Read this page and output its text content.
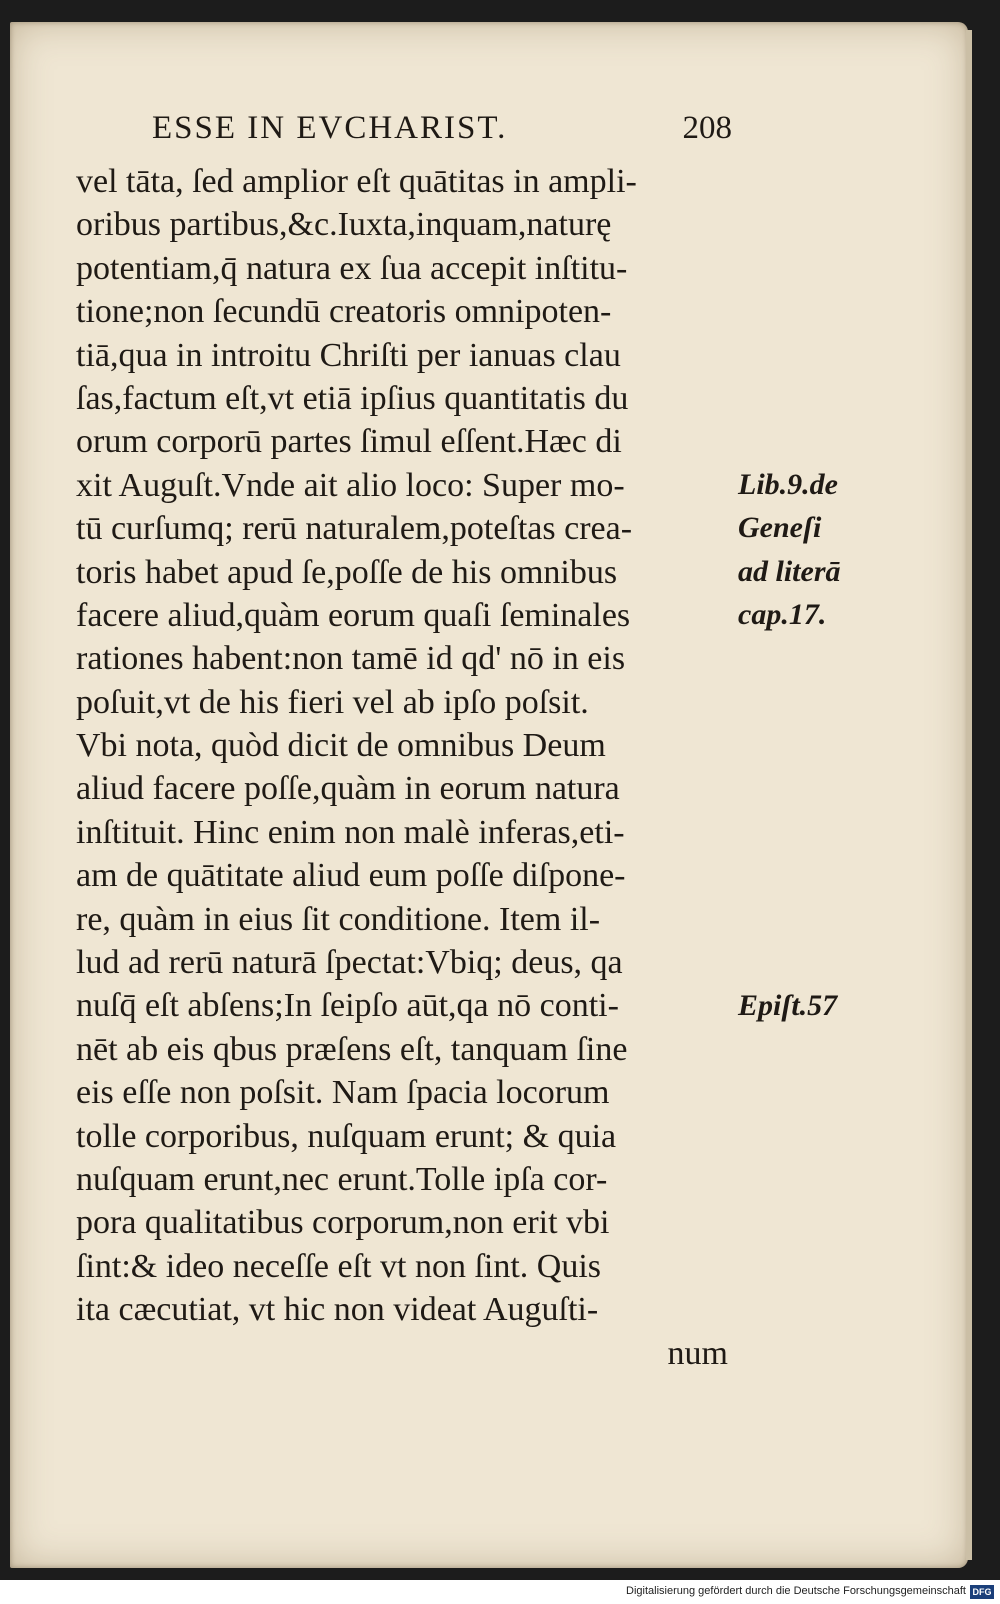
ESSE IN EVCHARIST.	208
vel tāta, ſed amplior eſt quātitas in ampli-
oribus partibus,&c.Iuxta,inquam,naturę
potentiam,q̄ natura ex ſua accepit inſtitu-
tione;non ſecundū creatoris omnipoten-
tiā,qua in introitu Chriſti per ianuas clau
ſas,factum eſt,vt etiā ipſius quantitatis du
orum corporū partes ſimul eſſent.Hæc di
xit Auguſt.Vnde ait alio loco: Super mo-
tū curſumq; rerū naturalem,poteſtas crea-
toris habet apud ſe,poſſe de his omnibus
facere aliud,quàm eorum quaſi ſeminales
rationes habent:non tamē id qd' nō in eis
poſuit,vt de his fieri vel ab ipſo poſsit.
Vbi nota, quòd dicit de omnibus Deum
aliud facere poſſe,quàm in eorum natura
inſtituit. Hinc enim non malè inferas,eti-
am de quātitate aliud eum poſſe diſpone-
re, quàm in eius ſit conditione. Item il-
lud ad rerū naturā ſpectat:Vbiq; deus, qa
nuſq̄ eſt abſens;In ſeipſo aūt,qa nō conti-
nēt ab eis qbus præſens eſt, tanquam ſine
eis eſſe non poſsit. Nam ſpacia locorum
tolle corporibus, nuſquam erunt; & quia
nuſquam erunt,nec erunt.Tolle ipſa cor-
pora qualitatibus corporum,non erit vbi
ſint:& ideo neceſſe eſt vt non ſint. Quis
ita cæcutiat, vt hic non videat Auguſti-
num
Lib.9.de
Geneſi
ad literā
cap.17.
Epiſt.57
Digitalisierung gefördert durch die Deutsche Forschungsgemeinschaft DFG
